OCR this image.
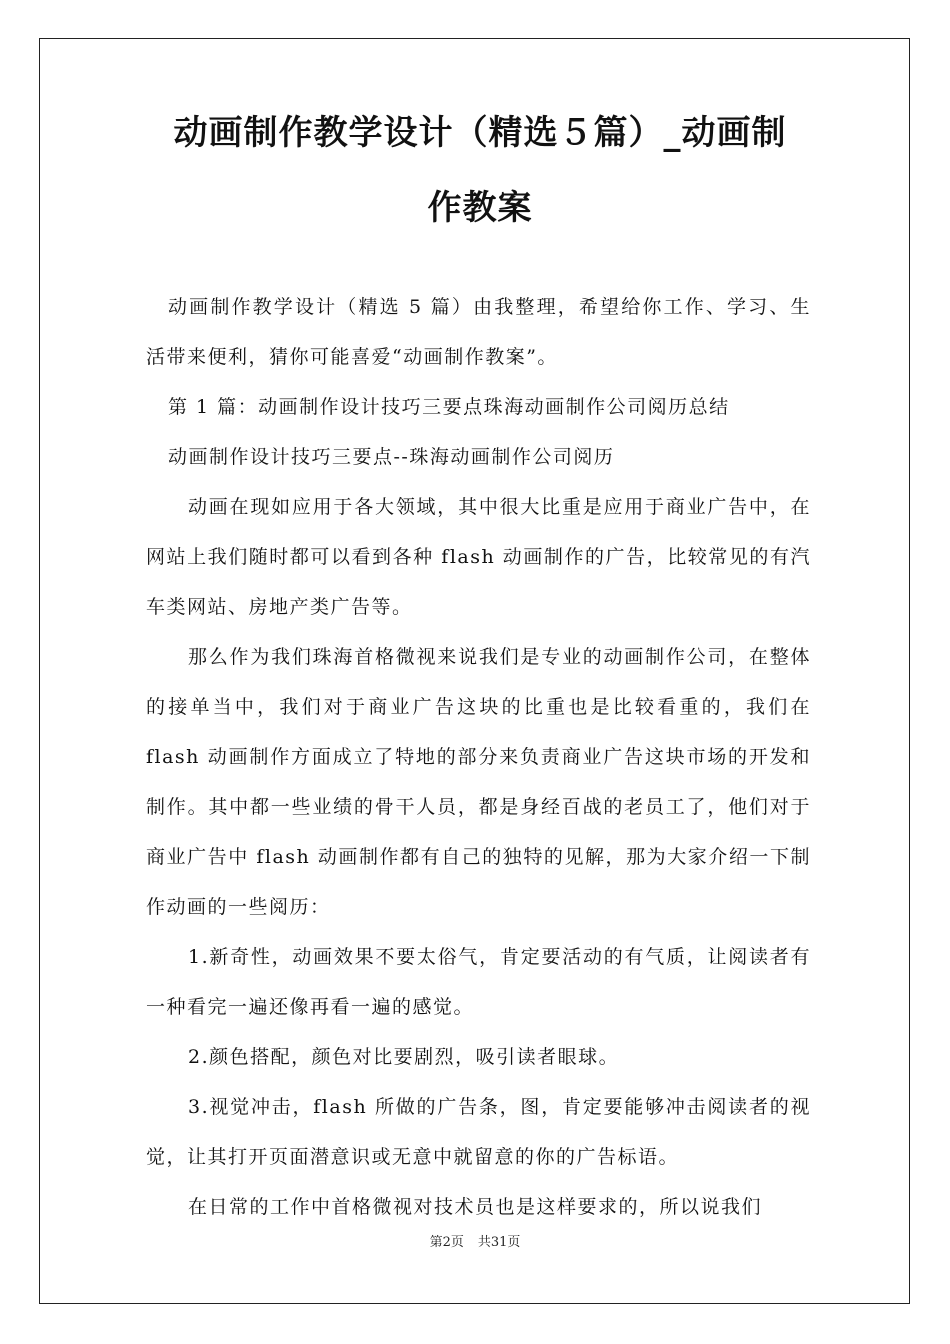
动画制作教学设计（精选５篇）_动画制
作教案

动画制作教学设计（精选 5 篇）由我整理，希望给你工作、学习、生活带来便利，猜你可能喜爱“动画制作教案”。

第 1 篇：动画制作设计技巧三要点珠海动画制作公司阅历总结

动画制作设计技巧三要点--珠海动画制作公司阅历

动画在现如应用于各大领域，其中很大比重是应用于商业广告中，在网站上我们随时都可以看到各种 flash 动画制作的广告，比较常见的有汽车类网站、房地产类广告等。

那么作为我们珠海首格微视来说我们是专业的动画制作公司，在整体的接单当中，我们对于商业广告这块的比重也是比较看重的，我们在 flash 动画制作方面成立了特地的部分来负责商业广告这块市场的开发和制作。其中都一些业绩的骨干人员，都是身经百战的老员工了，他们对于商业广告中 flash 动画制作都有自己的独特的见解，那为大家介绍一下制作动画的一些阅历：

1.新奇性，动画效果不要太俗气，肯定要活动的有气质，让阅读者有一种看完一遍还像再看一遍的感觉。

2.颜色搭配，颜色对比要剧烈，吸引读者眼球。

3.视觉冲击，flash 所做的广告条，图，肯定要能够冲击阅读者的视觉，让其打开页面潜意识或无意中就留意的你的广告标语。

在日常的工作中首格微视对技术员也是这样要求的，所以说我们

第2页 共31页
